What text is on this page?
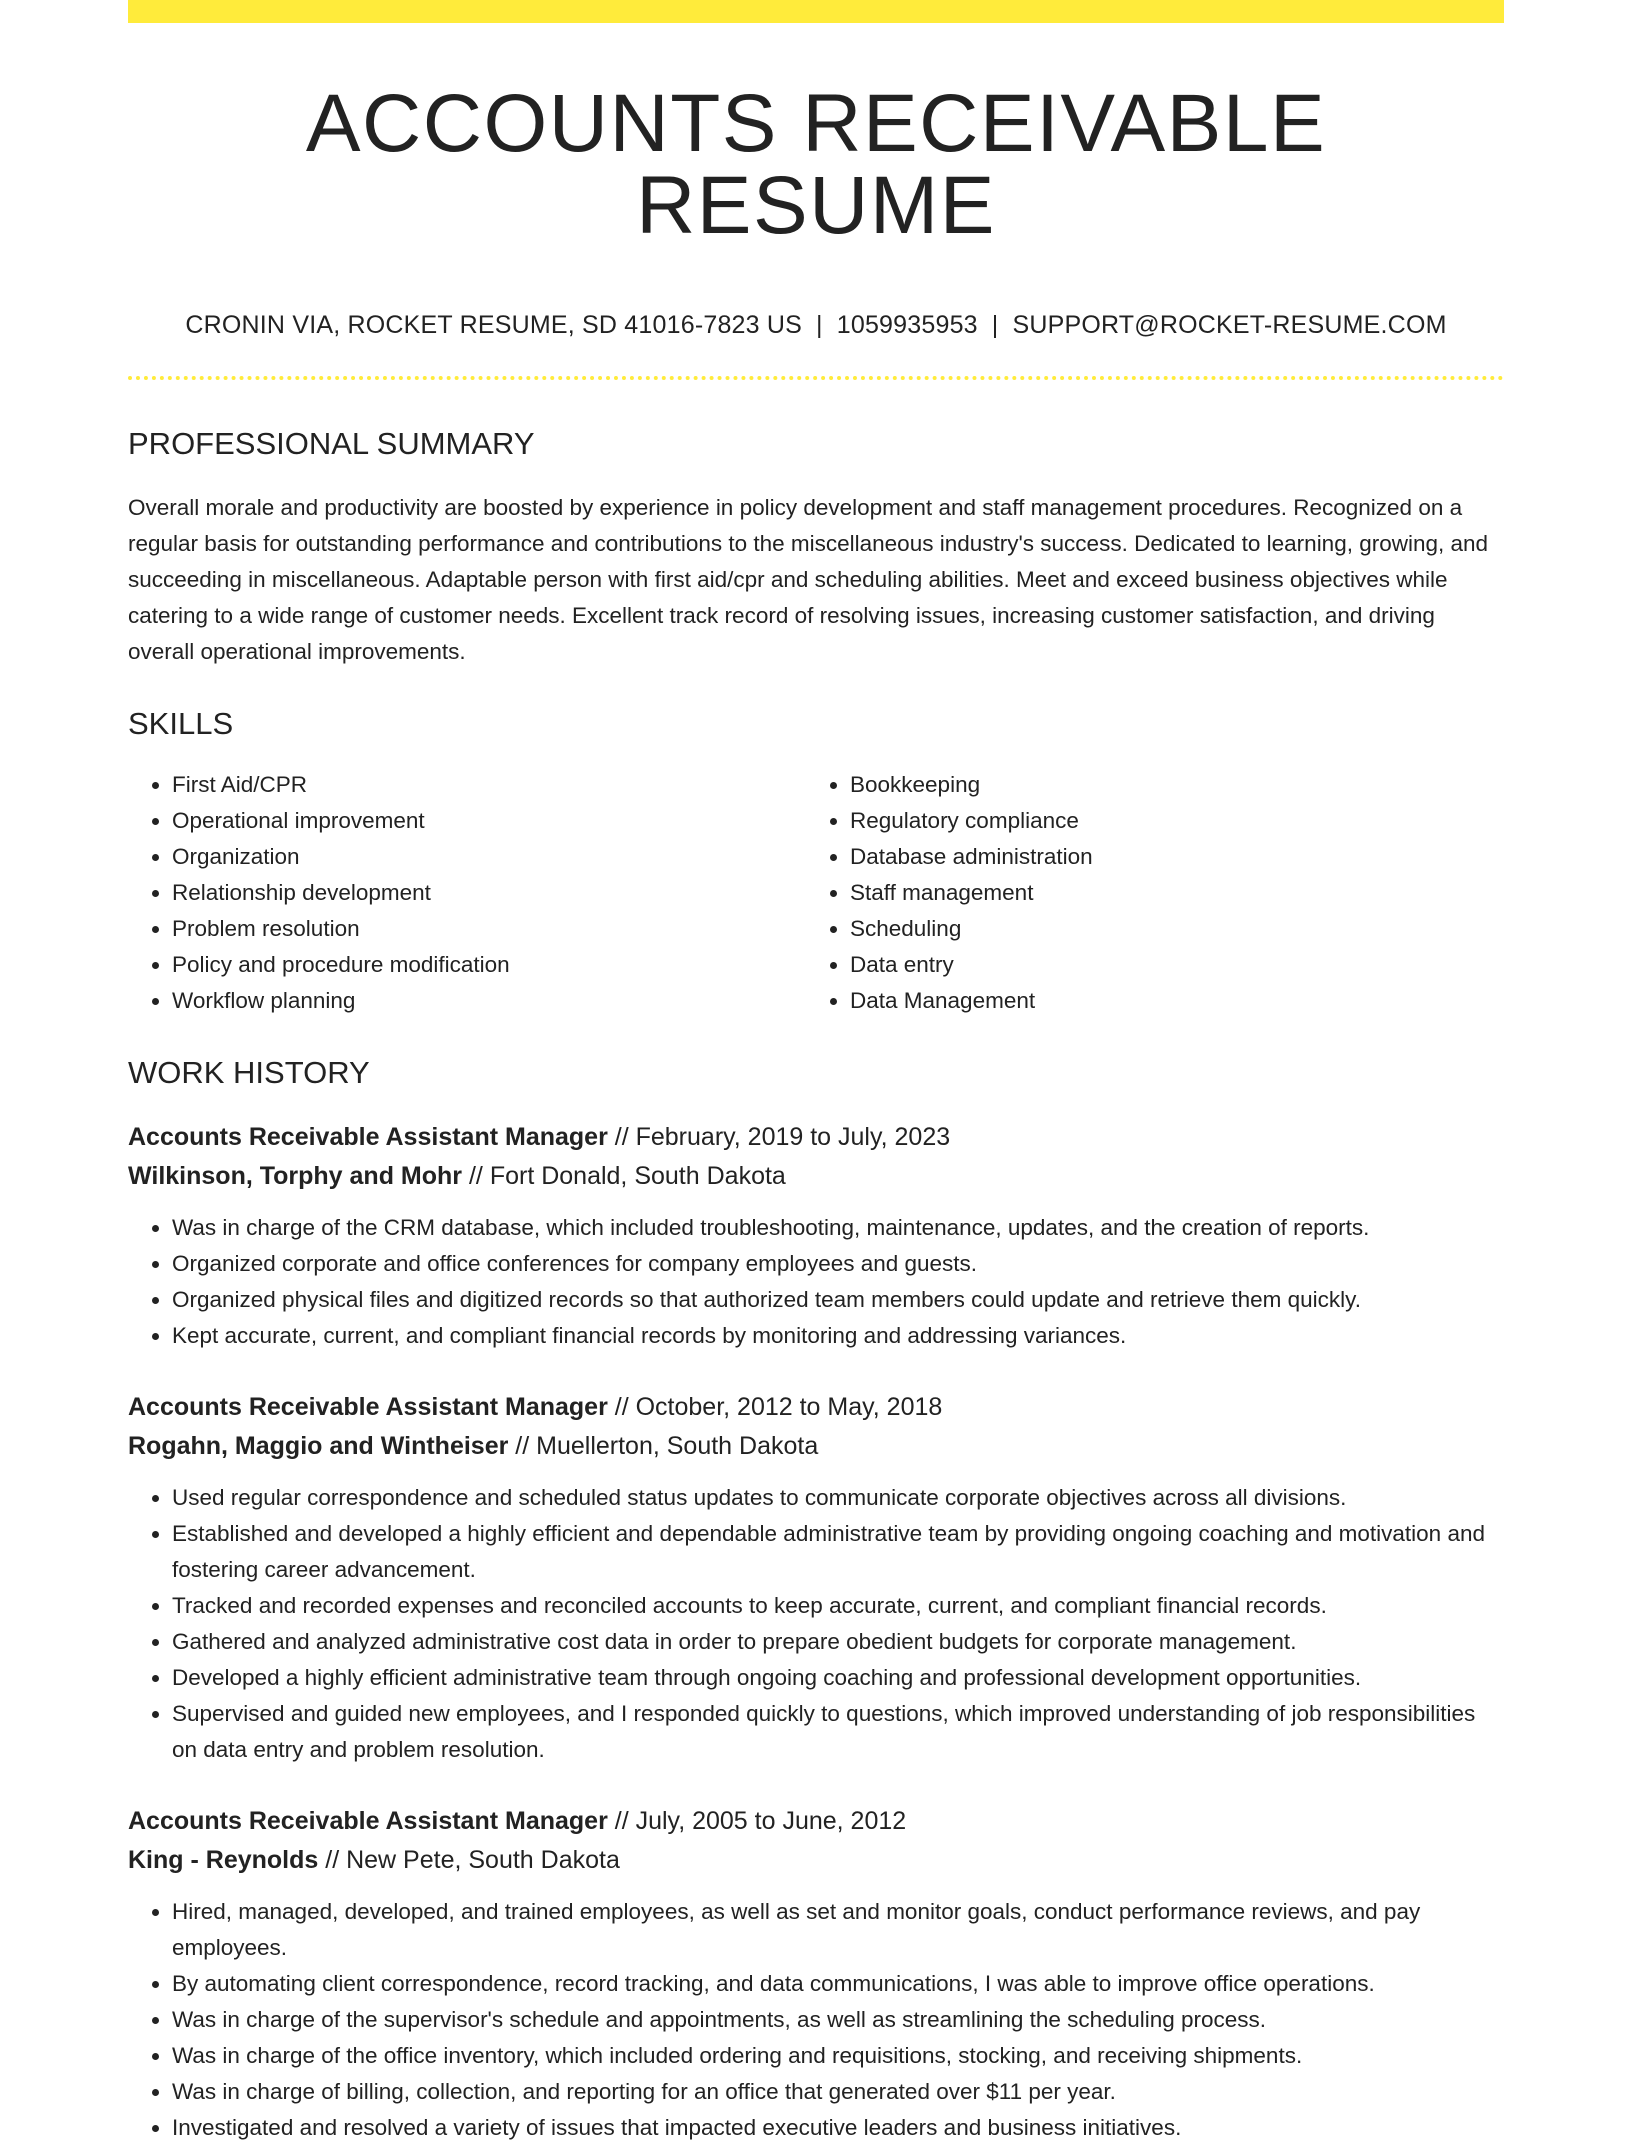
ACCOUNTS RECEIVABLE RESUME
CRONIN VIA, ROCKET RESUME, SD 41016-7823 US | 1059935953 | SUPPORT@ROCKET-RESUME.COM
PROFESSIONAL SUMMARY

Overall morale and productivity are boosted by experience in policy development and staff management procedures. Recognized on a regular basis for outstanding performance and contributions to the miscellaneous industry's success. Dedicated to learning, growing, and succeeding in miscellaneous. Adaptable person with first aid/cpr and scheduling abilities. Meet and exceed business objectives while catering to a wide range of customer needs. Excellent track record of resolving issues, increasing customer satisfaction, and driving overall operational improvements.

SKILLS
• First Aid/CPR
• Operational improvement
• Organization
• Relationship development
• Problem resolution
• Policy and procedure modification
• Workflow planning
• Bookkeeping
• Regulatory compliance
• Database administration
• Staff management
• Scheduling
• Data entry
• Data Management
WORK HISTORY
Accounts Receivable Assistant Manager // February, 2019 to July, 2023
Wilkinson, Torphy and Mohr // Fort Donald, South Dakota
• Was in charge of the CRM database, which included troubleshooting, maintenance, updates, and the creation of reports.
• Organized corporate and office conferences for company employees and guests.
• Organized physical files and digitized records so that authorized team members could update and retrieve them quickly.
• Kept accurate, current, and compliant financial records by monitoring and addressing variances.
Accounts Receivable Assistant Manager // October, 2012 to May, 2018
Rogahn, Maggio and Wintheiser // Muellerton, South Dakota
• Used regular correspondence and scheduled status updates to communicate corporate objectives across all divisions.
• Established and developed a highly efficient and dependable administrative team by providing ongoing coaching and motivation and fostering career advancement.
• Tracked and recorded expenses and reconciled accounts to keep accurate, current, and compliant financial records.
• Gathered and analyzed administrative cost data in order to prepare obedient budgets for corporate management.
• Developed a highly efficient administrative team through ongoing coaching and professional development opportunities.
• Supervised and guided new employees, and I responded quickly to questions, which improved understanding of job responsibilities on data entry and problem resolution.
Accounts Receivable Assistant Manager // July, 2005 to June, 2012
King - Reynolds // New Pete, South Dakota
• Hired, managed, developed, and trained employees, as well as set and monitor goals, conduct performance reviews, and pay employees.
• By automating client correspondence, record tracking, and data communications, I was able to improve office operations.
• Was in charge of the supervisor's schedule and appointments, as well as streamlining the scheduling process.
• Was in charge of the office inventory, which included ordering and requisitions, stocking, and receiving shipments.
• Was in charge of billing, collection, and reporting for an office that generated over $11 per year.
• Investigated and resolved a variety of issues that impacted executive leaders and business initiatives.
